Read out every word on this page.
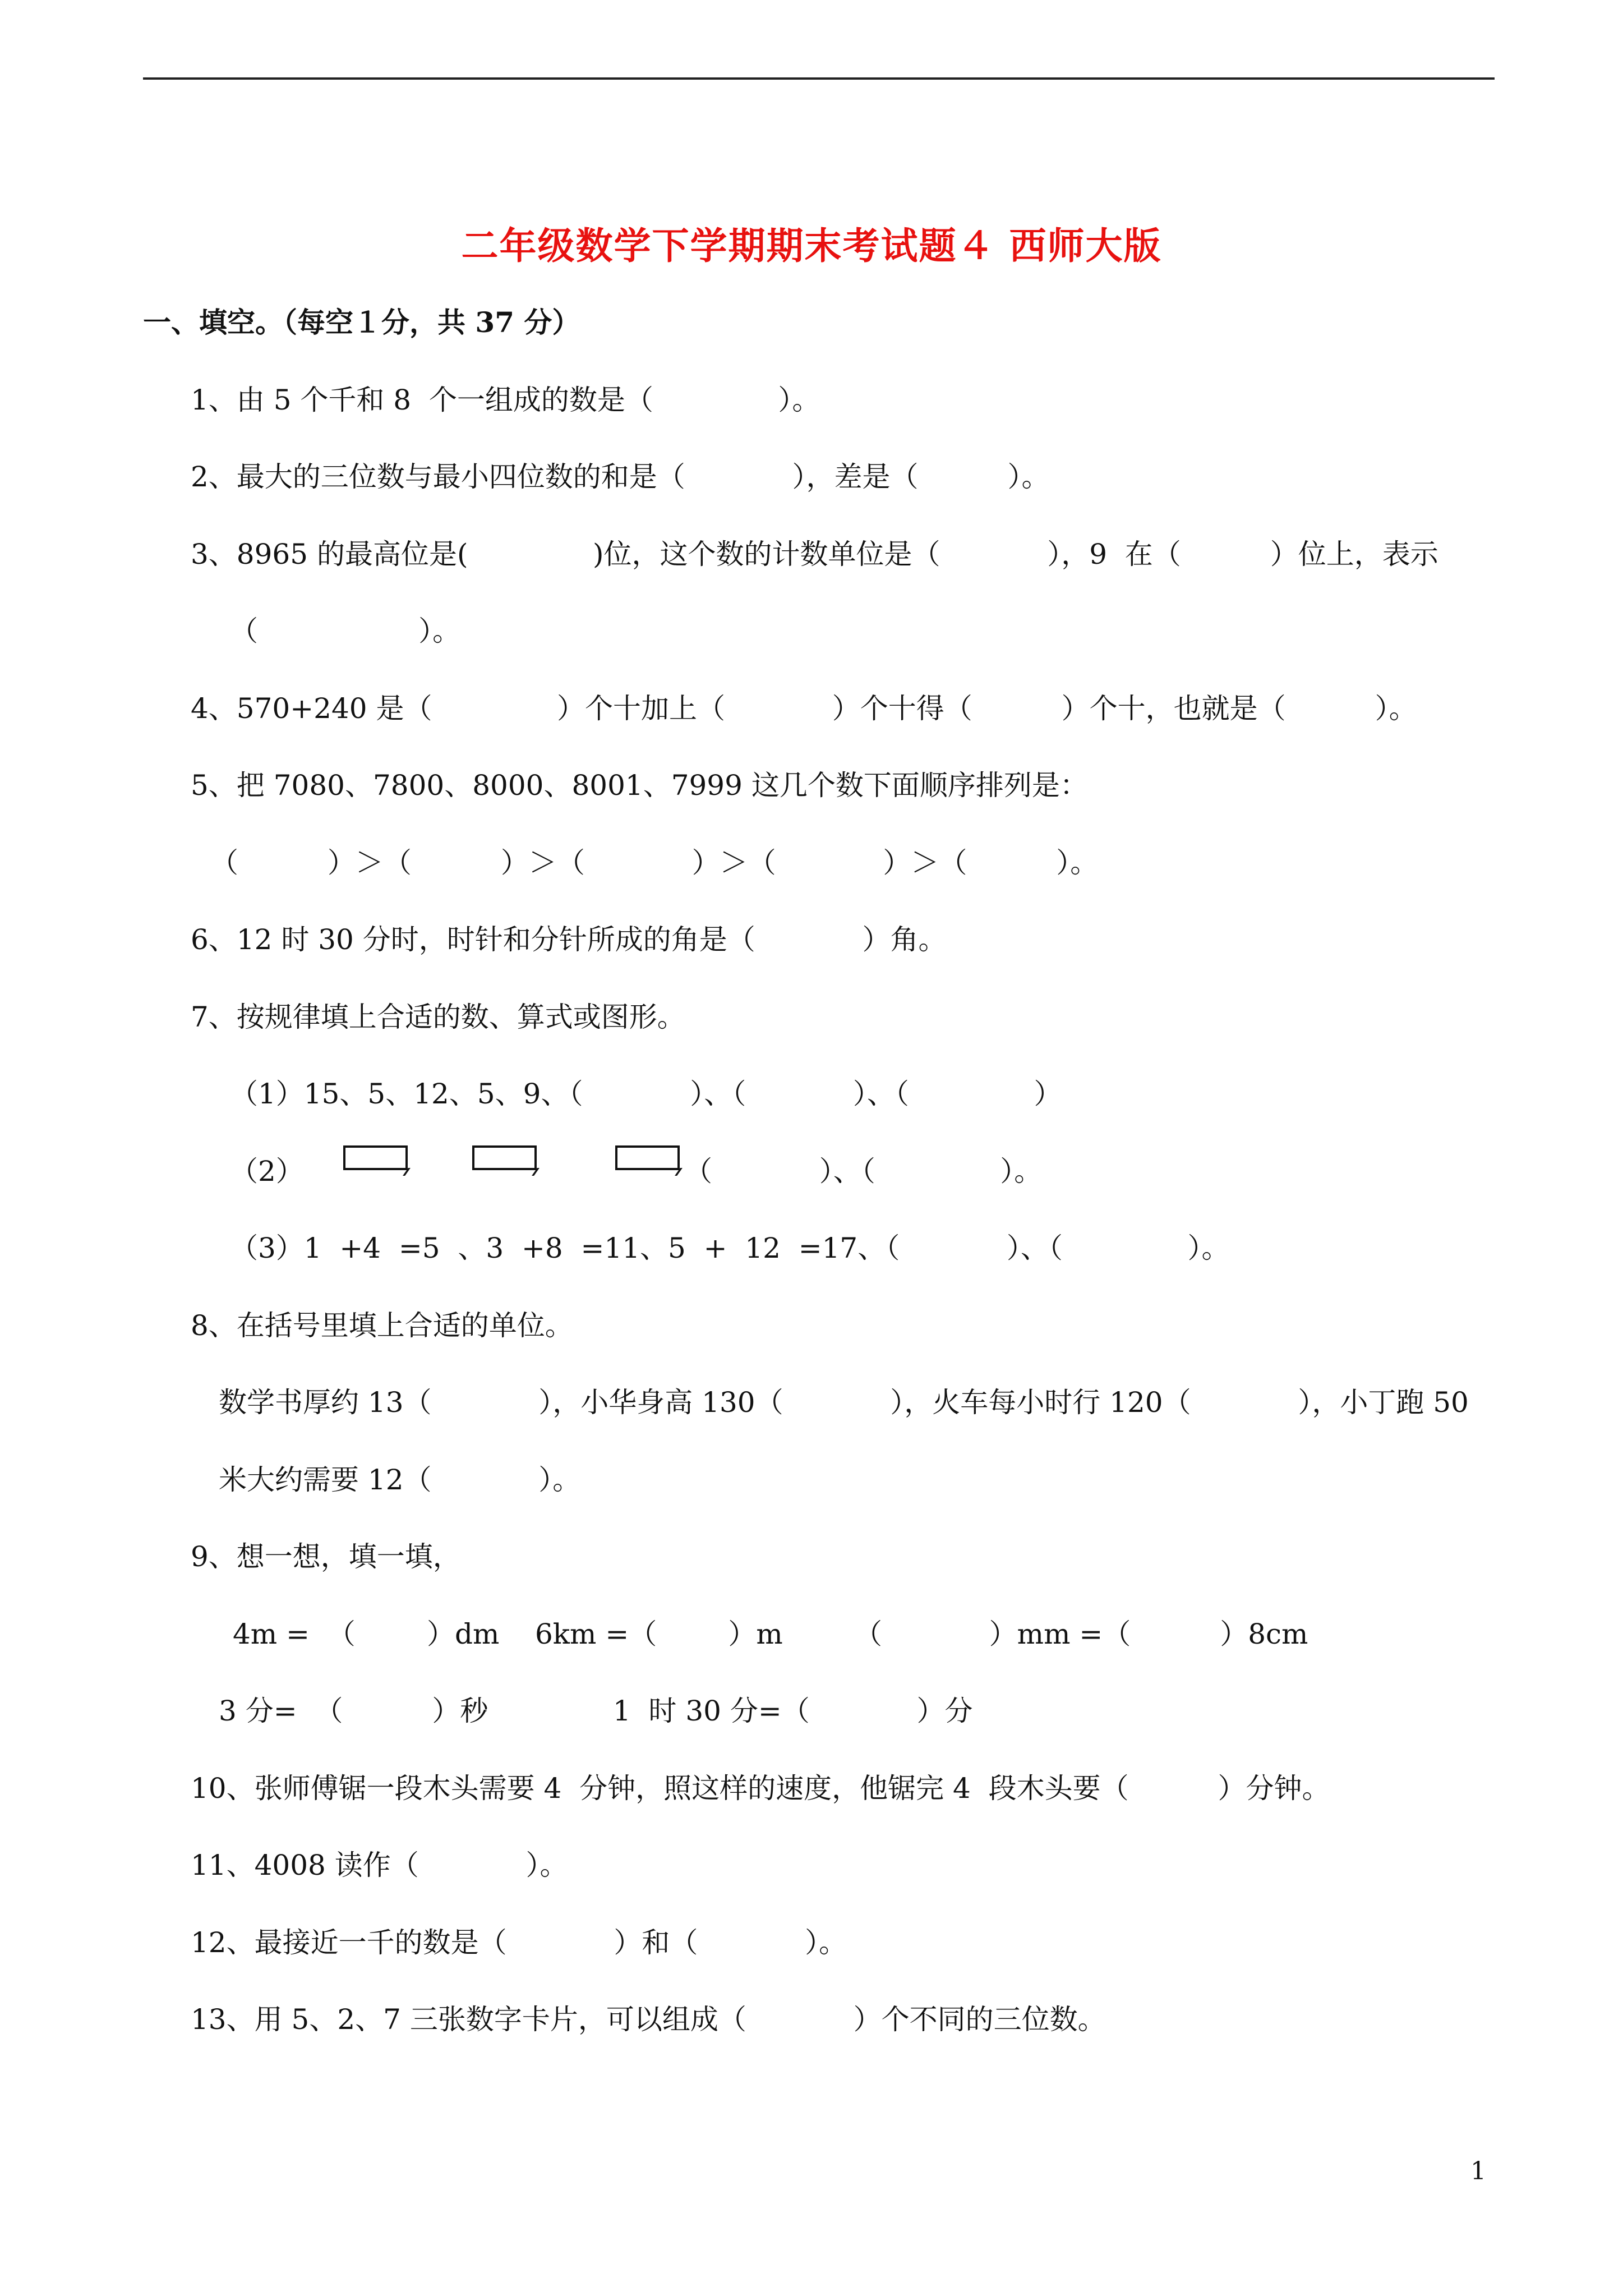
二年级数学下学期期末考试题４ 西师大版
一、填空。（每空１分，共 37 分）
1、由 5 个千和 8  个一组成的数是（              ）。
2、最大的三位数与最小四位数的和是（            ），差是（          ）。
3、8965 的最高位是(              )位，这个数的计数单位是（            ），9  在（          ）位上，表示
（                  ）。
4、570+240 是（              ）个十加上（            ）个十得（          ）个十，也就是（          ）。
5、把 7080、7800、8000、8001、7999 这几个数下面顺序排列是：
（          ）＞（          ）＞（            ）＞（            ）＞（          ）。
6、12 时 30 分时，时针和分针所成的角是（            ）角。
7、按规律填上合适的数、算式或图形。
（1）15、5、12、5、9、（            ）、（            ）、（              ）
（2）	（            ）、（              ）。
（3）1  +4  =5  、3  +8  =11、5  +  12  =17、（            ）、（              ）。
8、在括号里填上合适的单位。
数学书厚约 13（            ），小华身高 130（            ），火车每小时行 120（            ），小丁跑 50
米大约需要 12（            ）。
9、想一想，填一填，
4m =  （        ）dm    6km =（        ）m        （            ）mm =（          ）8cm
3 分=  （          ）秒              1  时 30 分=（            ）分
10、张师傅锯一段木头需要 4  分钟，照这样的速度，他锯完 4  段木头要（          ）分钟。
11、4008 读作（            ）。
12、最接近一千的数是（            ）和（            ）。
13、用 5、2、7 三张数字卡片，可以组成（            ）个不同的三位数。
1
